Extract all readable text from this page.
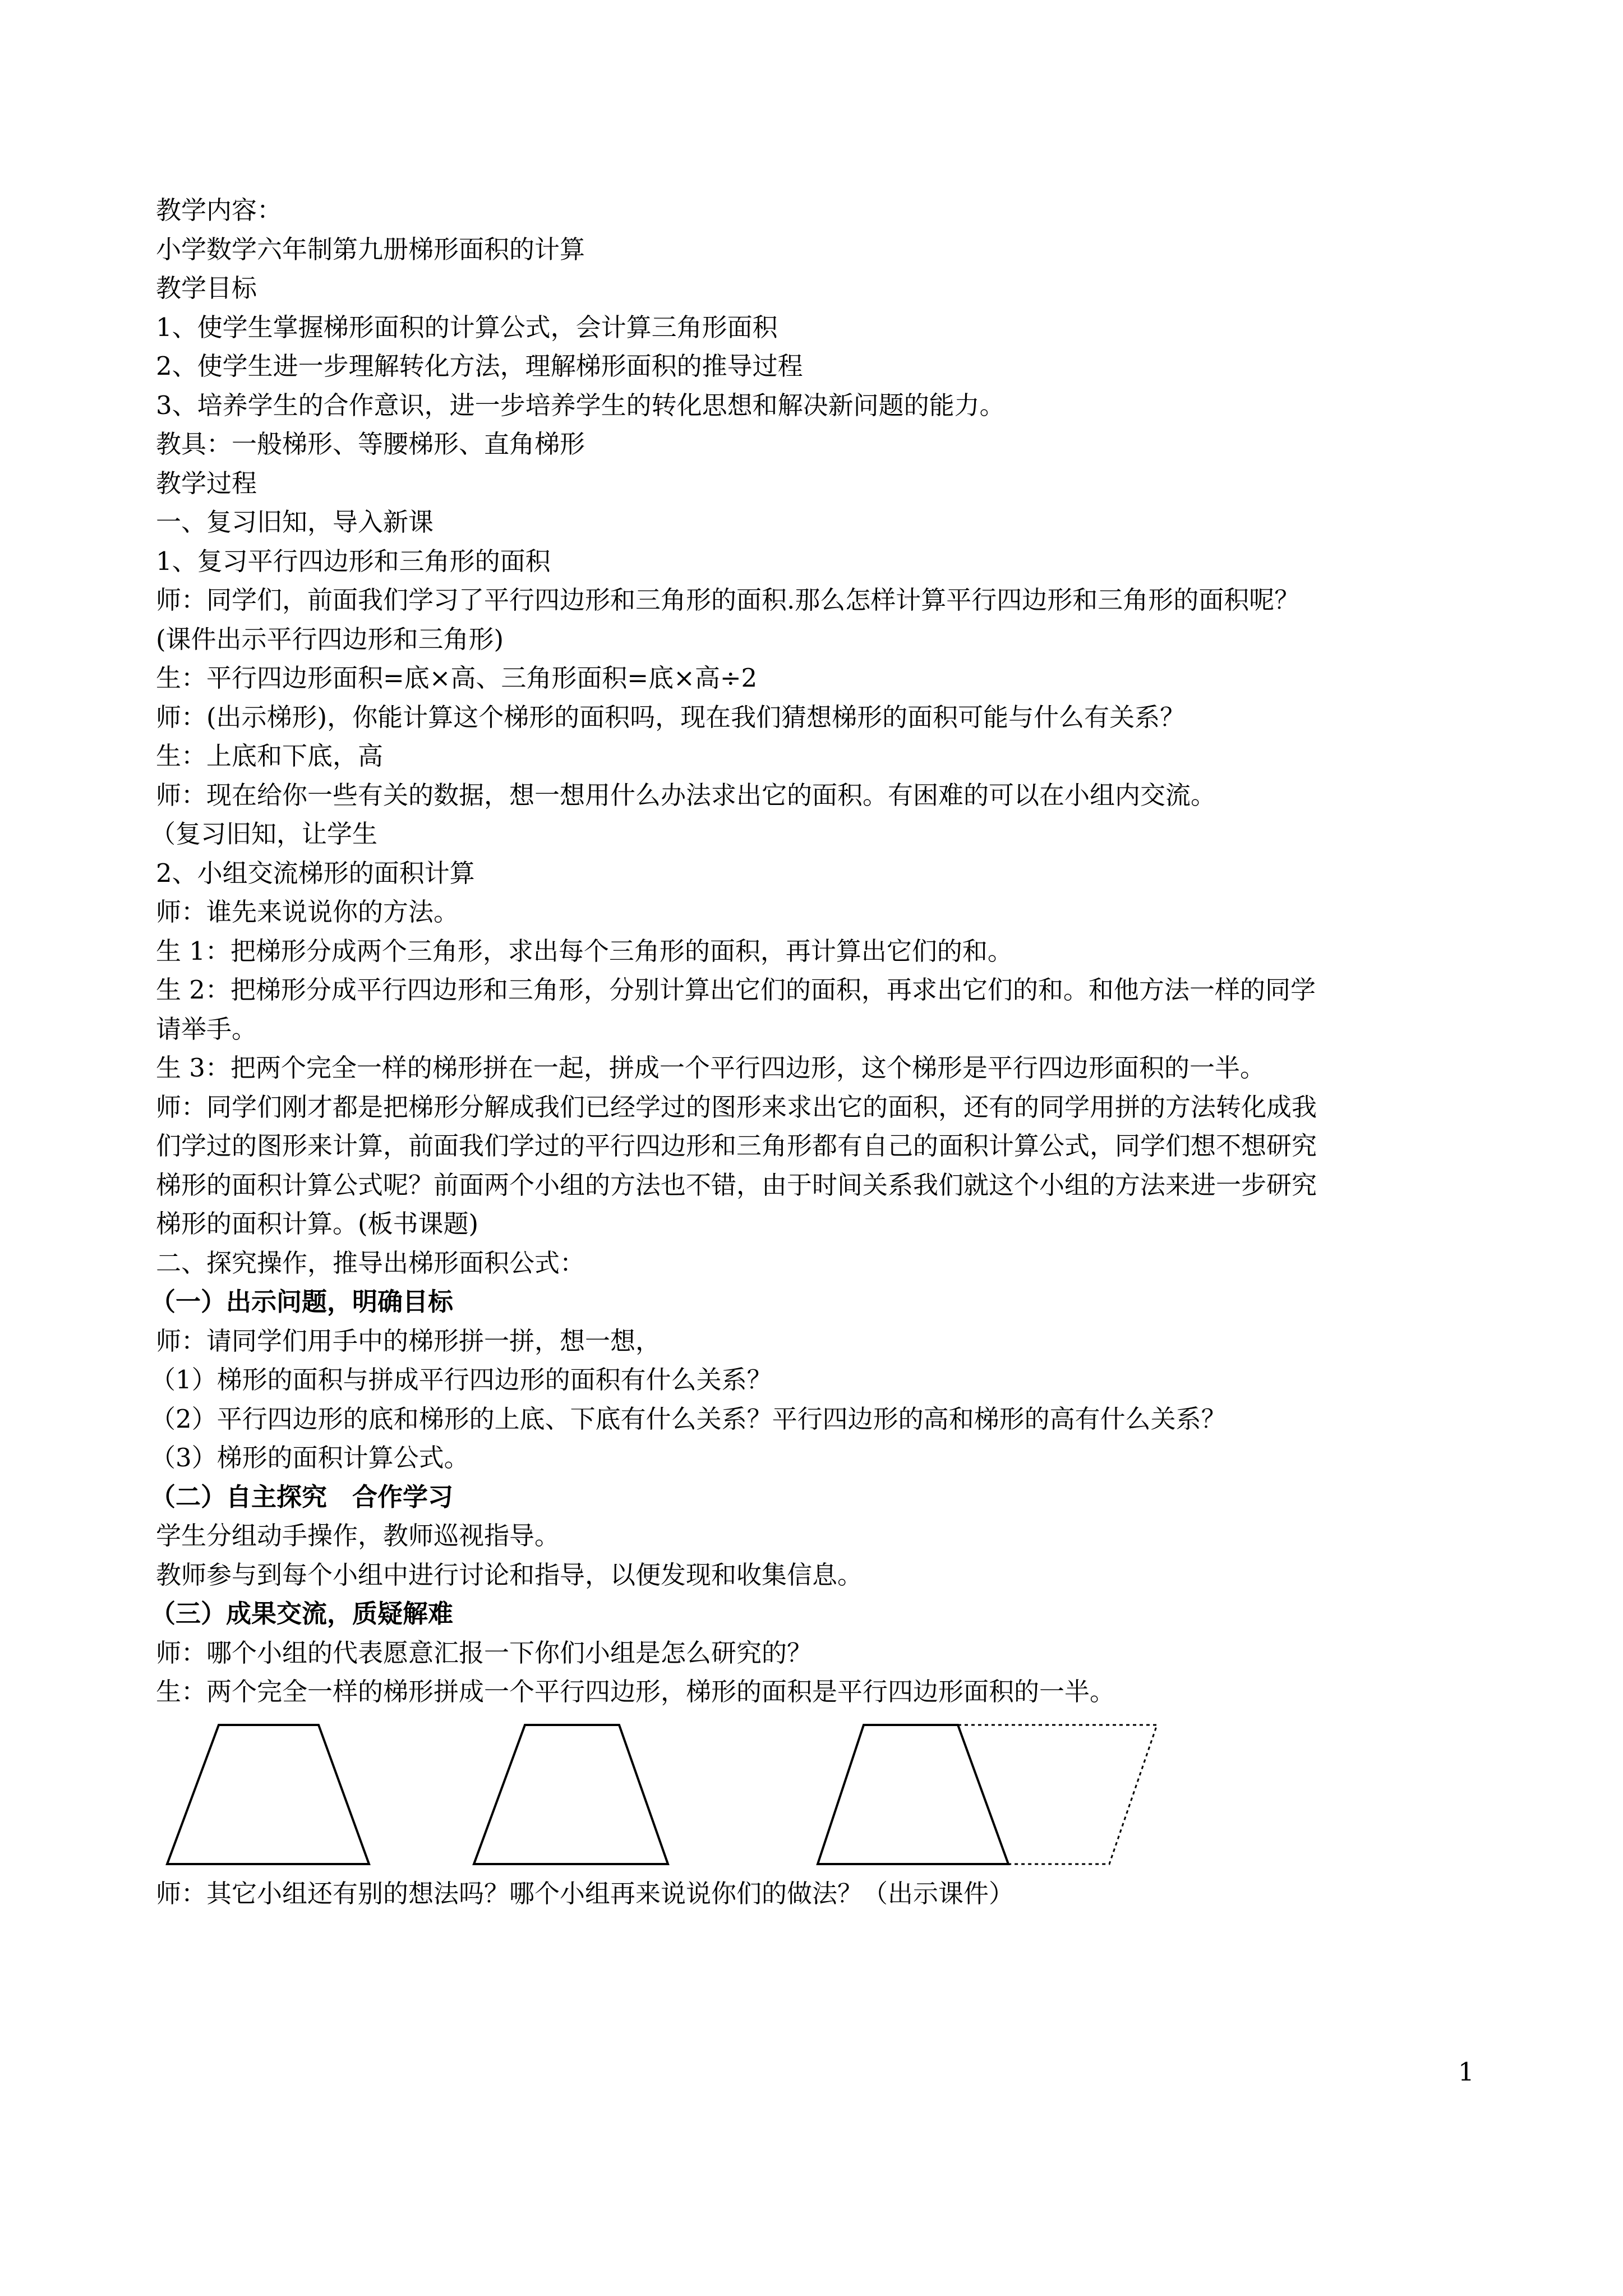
教学内容：
小学数学六年制第九册梯形面积的计算
教学目标
1、使学生掌握梯形面积的计算公式，会计算三角形面积
2、使学生进一步理解转化方法，理解梯形面积的推导过程
3、培养学生的合作意识，进一步培养学生的转化思想和解决新问题的能力。
教具：一般梯形、等腰梯形、直角梯形
教学过程
一、复习旧知，导入新课
1、复习平行四边形和三角形的面积
师：同学们，前面我们学习了平行四边形和三角形的面积.那么怎样计算平行四边形和三角形的面积呢？
(课件出示平行四边形和三角形)
生：平行四边形面积=底×高、三角形面积=底×高÷2
师：(出示梯形)，你能计算这个梯形的面积吗，现在我们猜想梯形的面积可能与什么有关系？
生：上底和下底，高
师：现在给你一些有关的数据，想一想用什么办法求出它的面积。有困难的可以在小组内交流。
（复习旧知，让学生
2、小组交流梯形的面积计算
师：谁先来说说你的方法。
生 1：把梯形分成两个三角形，求出每个三角形的面积，再计算出它们的和。
生 2：把梯形分成平行四边形和三角形，分别计算出它们的面积，再求出它们的和。和他方法一样的同学
请举手。
生 3：把两个完全一样的梯形拼在一起，拼成一个平行四边形，这个梯形是平行四边形面积的一半。
师：同学们刚才都是把梯形分解成我们已经学过的图形来求出它的面积，还有的同学用拼的方法转化成我
们学过的图形来计算，前面我们学过的平行四边形和三角形都有自己的面积计算公式，同学们想不想研究
梯形的面积计算公式呢？前面两个小组的方法也不错，由于时间关系我们就这个小组的方法来进一步研究
梯形的面积计算。(板书课题)
二、探究操作，推导出梯形面积公式：
（一）出示问题，明确目标
师：请同学们用手中的梯形拼一拼，想一想，
（1）梯形的面积与拼成平行四边形的面积有什么关系？
（2）平行四边形的底和梯形的上底、下底有什么关系？平行四边形的高和梯形的高有什么关系？
（3）梯形的面积计算公式。
（二）自主探究　合作学习
学生分组动手操作，教师巡视指导。
教师参与到每个小组中进行讨论和指导，以便发现和收集信息。
（三）成果交流，质疑解难
师：哪个小组的代表愿意汇报一下你们小组是怎么研究的？
生：两个完全一样的梯形拼成一个平行四边形，梯形的面积是平行四边形面积的一半。
师：其它小组还有别的想法吗？哪个小组再来说说你们的做法？（出示课件）
1
